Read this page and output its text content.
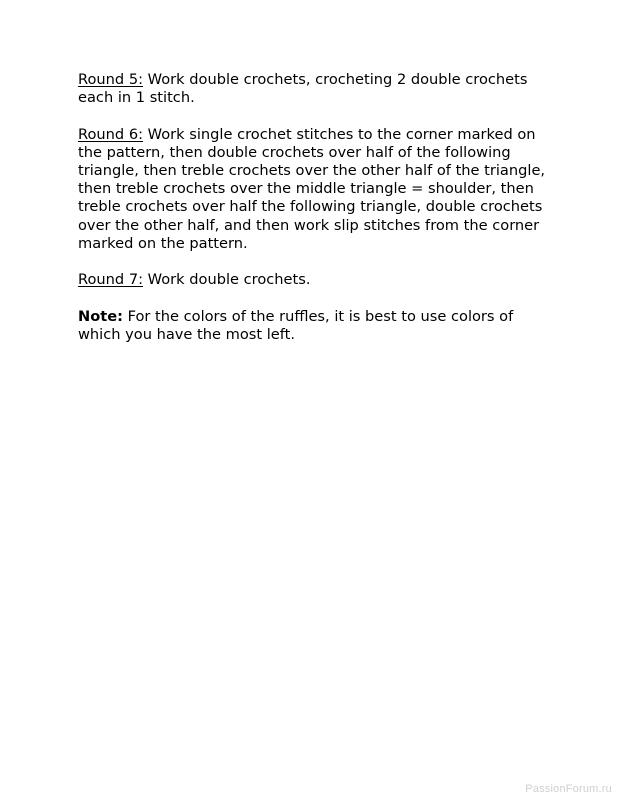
Round 5: Work double crochets, crocheting 2 double crochets each in 1 stitch.

Round 6: Work single crochet stitches to the corner marked on the pattern, then double crochets over half of the following triangle, then treble crochets over the other half of the triangle, then treble crochets over the middle triangle = shoulder, then treble crochets over half the following triangle, double crochets over the other half, and then work slip stitches from the corner marked on the pattern.

Round 7: Work double crochets.

Note: For the colors of the ruffles, it is best to use colors of which you have the most left.

PassionForum.ru
